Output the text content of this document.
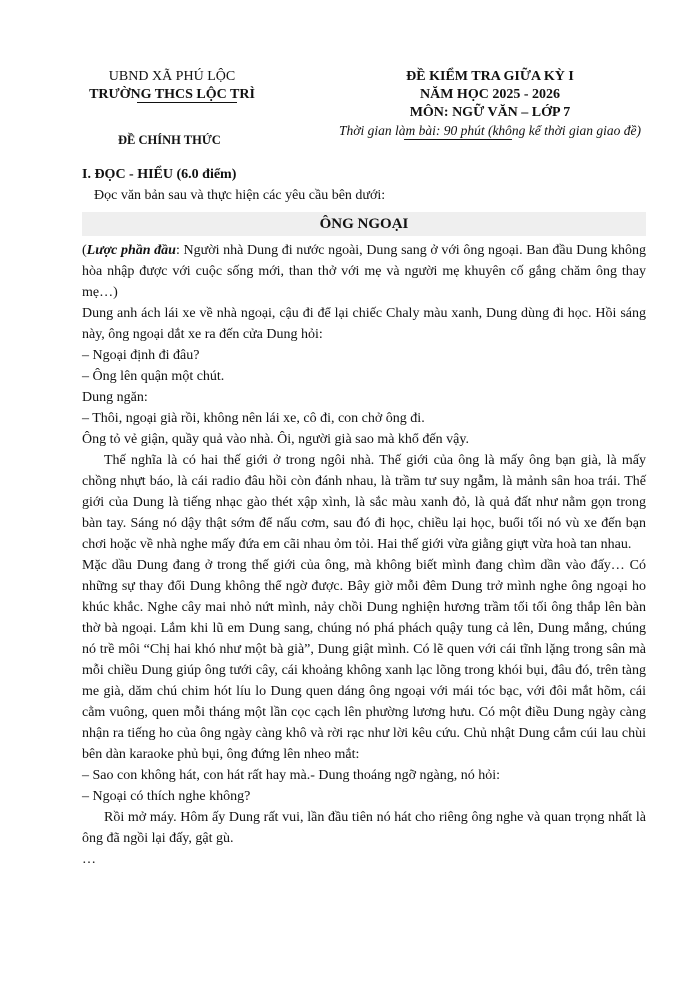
UBND XÃ PHÚ LỘC
TRƯỜNG THCS LỘC TRÌ
ĐỀ CHÍNH THỨC
ĐỀ KIỂM TRA GIỮA KỲ I
NĂM HỌC 2025 - 2026
MÔN: NGỮ VĂN – LỚP 7
Thời gian làm bài: 90 phút (không kể thời gian giao đề)

I. ĐỌC - HIỂU (6.0 điểm)

Đọc văn bản sau và thực hiện các yêu cầu bên dưới:

ÔNG NGOẠI

(Lược phần đầu: Người nhà Dung đi nước ngoài, Dung sang ở với ông ngoại. Ban đầu Dung không hòa nhập được với cuộc sống mới, than thở với mẹ và người mẹ khuyên cố gắng chăm ông thay mẹ…)

Dung anh ách lái xe về nhà ngoại, cậu đi để lại chiếc Chaly màu xanh, Dung dùng đi học. Hồi sáng này, ông ngoại dắt xe ra đến cửa Dung hỏi:

– Ngoại định đi đâu?

– Ông lên quận một chút.

Dung ngăn:

– Thôi, ngoại già rồi, không nên lái xe, cô đi, con chở ông đi.

Ông tỏ vẻ giận, quầy quả vào nhà. Ôi, người già sao mà khổ đến vậy.

Thế nghĩa là có hai thế giới ở trong ngôi nhà. Thế giới của ông là mấy ông bạn già, là mấy chồng nhựt báo, là cái radio đâu hồi còn đánh nhau, là trầm tư suy ngẫm, là mảnh sân hoa trái. Thế giới của Dung là tiếng nhạc gào thét xập xình, là sắc màu xanh đỏ, là quả đất như nằm gọn trong bàn tay. Sáng nó dậy thật sớm để nấu cơm, sau đó đi học, chiều lại học, buổi tối nó vù xe đến bạn chơi hoặc về nhà nghe mấy đứa em cãi nhau ỏm tỏi. Hai thế giới vừa giằng giựt vừa hoà tan nhau.

Mặc dầu Dung đang ở trong thế giới của ông, mà không biết mình đang chìm dần vào đấy… Có những sự thay đổi Dung không thể ngờ được. Bây giờ mỗi đêm Dung trở mình nghe ông ngoại ho khúc khắc. Nghe cây mai nhỏ nứt mình, nảy chồi Dung nghiện hương trầm tối tối ông thắp lên bàn thờ bà ngoại. Lắm khi lũ em Dung sang, chúng nó phá phách quậy tung cả lên, Dung mắng, chúng nó trề môi “Chị hai khó như một bà già”, Dung giật mình. Có lẽ quen với cái tĩnh lặng trong sân mà mỗi chiều Dung giúp ông tưới cây, cái khoảng không xanh lạc lõng trong khói bụi, đâu đó, trên tàng me già, dăm chú chim hót líu lo Dung quen dáng ông ngoại với mái tóc bạc, với đôi mắt hõm, cái cằm vuông, quen mỗi tháng một lần cọc cạch lên phường lương hưu. Có một điều Dung ngày càng nhận ra tiếng ho của ông ngày càng khô và rời rạc như lời kêu cứu. Chủ nhật Dung cắm cúi lau chùi bên dàn karaoke phủ bụi, ông đứng lên nheo mắt:

– Sao con không hát, con hát rất hay mà.- Dung thoáng ngỡ ngàng, nó hỏi:

– Ngoại có thích nghe không?

Rồi mở máy. Hôm ấy Dung rất vui, lần đầu tiên nó hát cho riêng ông nghe và quan trọng nhất là ông đã ngồi lại đấy, gật gù.

…
